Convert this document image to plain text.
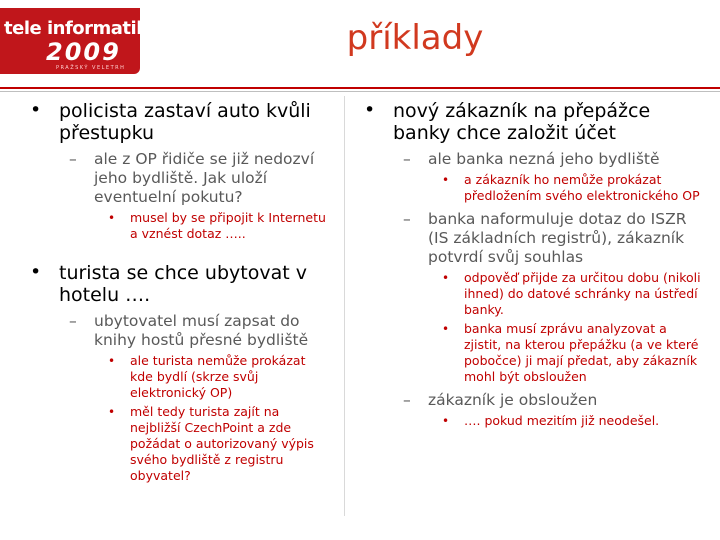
tele informatika
2009
PRAŽSKÝ VELETRH
příklady
• policista zastaví auto kvůli přestupku
– ale z OP řidiče se již nedozví jeho bydliště. Jak uloží eventuelní pokutu?
• musel by se připojit k Internetu a vznést dotaz …..
• turista se chce ubytovat v hotelu ….
– ubytovatel musí zapsat do knihy hostů přesné bydliště
• ale turista nemůže prokázat kde bydlí (skrze svůj elektronický OP)
• měl tedy turista zajít na nejbližší CzechPoint a zde požádat o autorizovaný výpis svého bydliště z registru obyvatel?
• nový zákazník na přepážce banky chce založit účet
– ale banka nezná jeho bydliště
• a zákazník ho nemůže prokázat předložením svého elektronického OP
– banka naformuluje dotaz do ISZR (IS základních registrů), zákazník potvrdí svůj souhlas
• odpověď přijde za určitou dobu (nikoli ihned) do datové schránky na ústředí banky.
• banka musí zprávu analyzovat a zjistit, na kterou přepážku (a ve které pobočce) ji mají předat, aby zákazník mohl být obsloužen
– zákazník je obsloužen
• …. pokud mezitím již neodešel.
